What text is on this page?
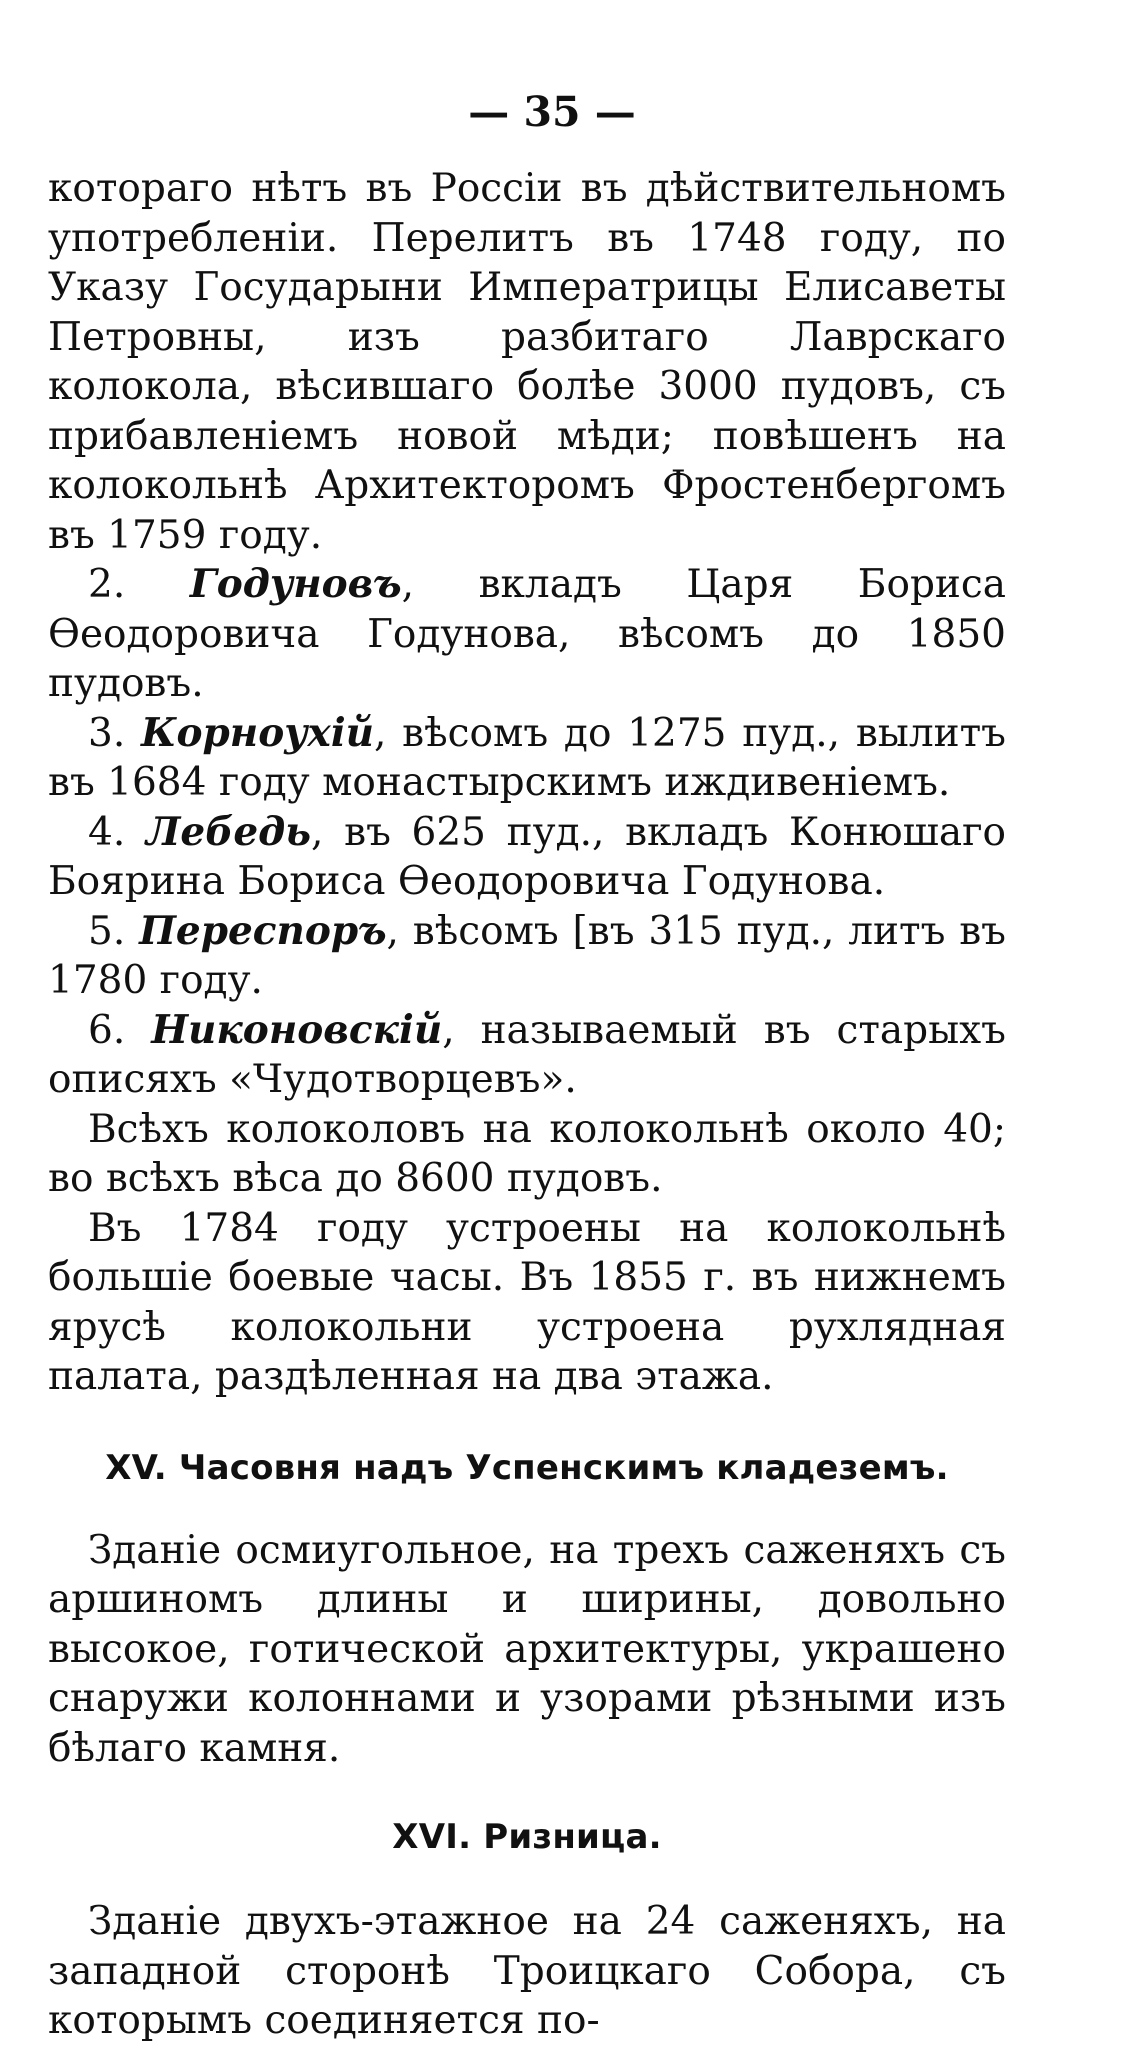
— 35 —

котораго нѣтъ въ Россіи въ дѣйствительномъ употребленіи. Перелитъ въ 1748 году, по Указу Государыни Императрицы Елисаветы Петровны, изъ разбитаго Лаврскаго колокола, вѣсившаго болѣе 3000 пудовъ, съ прибавленіемъ новой мѣди; повѣшенъ на колокольнѣ Архитекторомъ Фростенбергомъ въ 1759 году.

2. Годуновъ, вкладъ Царя Бориса Ѳеодоровича Годунова, вѣсомъ до 1850 пудовъ.

3. Корноухій, вѣсомъ до 1275 пуд., вылитъ въ 1684 году монастырскимъ иждивеніемъ.

4. Лебедь, въ 625 пуд., вкладъ Конюшаго Боярина Бориса Ѳеодоровича Годунова.

5. Переспоръ, вѣсомъ [въ 315 пуд., литъ въ 1780 году.

6. Никоновскій, называемый въ старыхъ описяхъ «Чудотворцевъ».

Всѣхъ колоколовъ на колокольнѣ около 40; во всѣхъ вѣса до 8600 пудовъ.

Въ 1784 году устроены на колокольнѣ большіе боевые часы. Въ 1855 г. въ нижнемъ ярусѣ колокольни устроена рухлядная палата, раздѣленная на два этажа.

XV. Часовня надъ Успенскимъ кладеземъ.

Зданіе осмиугольное, на трехъ саженяхъ съ аршиномъ длины и ширины, довольно высокое, готической архитектуры, украшено снаружи колоннами и узорами рѣзными изъ бѣлаго камня.

XVI. Ризница.

Зданіе двухъ-этажное на 24 саженяхъ, на западной сторонѣ Троицкаго Собора, съ которымъ соединяется по-
